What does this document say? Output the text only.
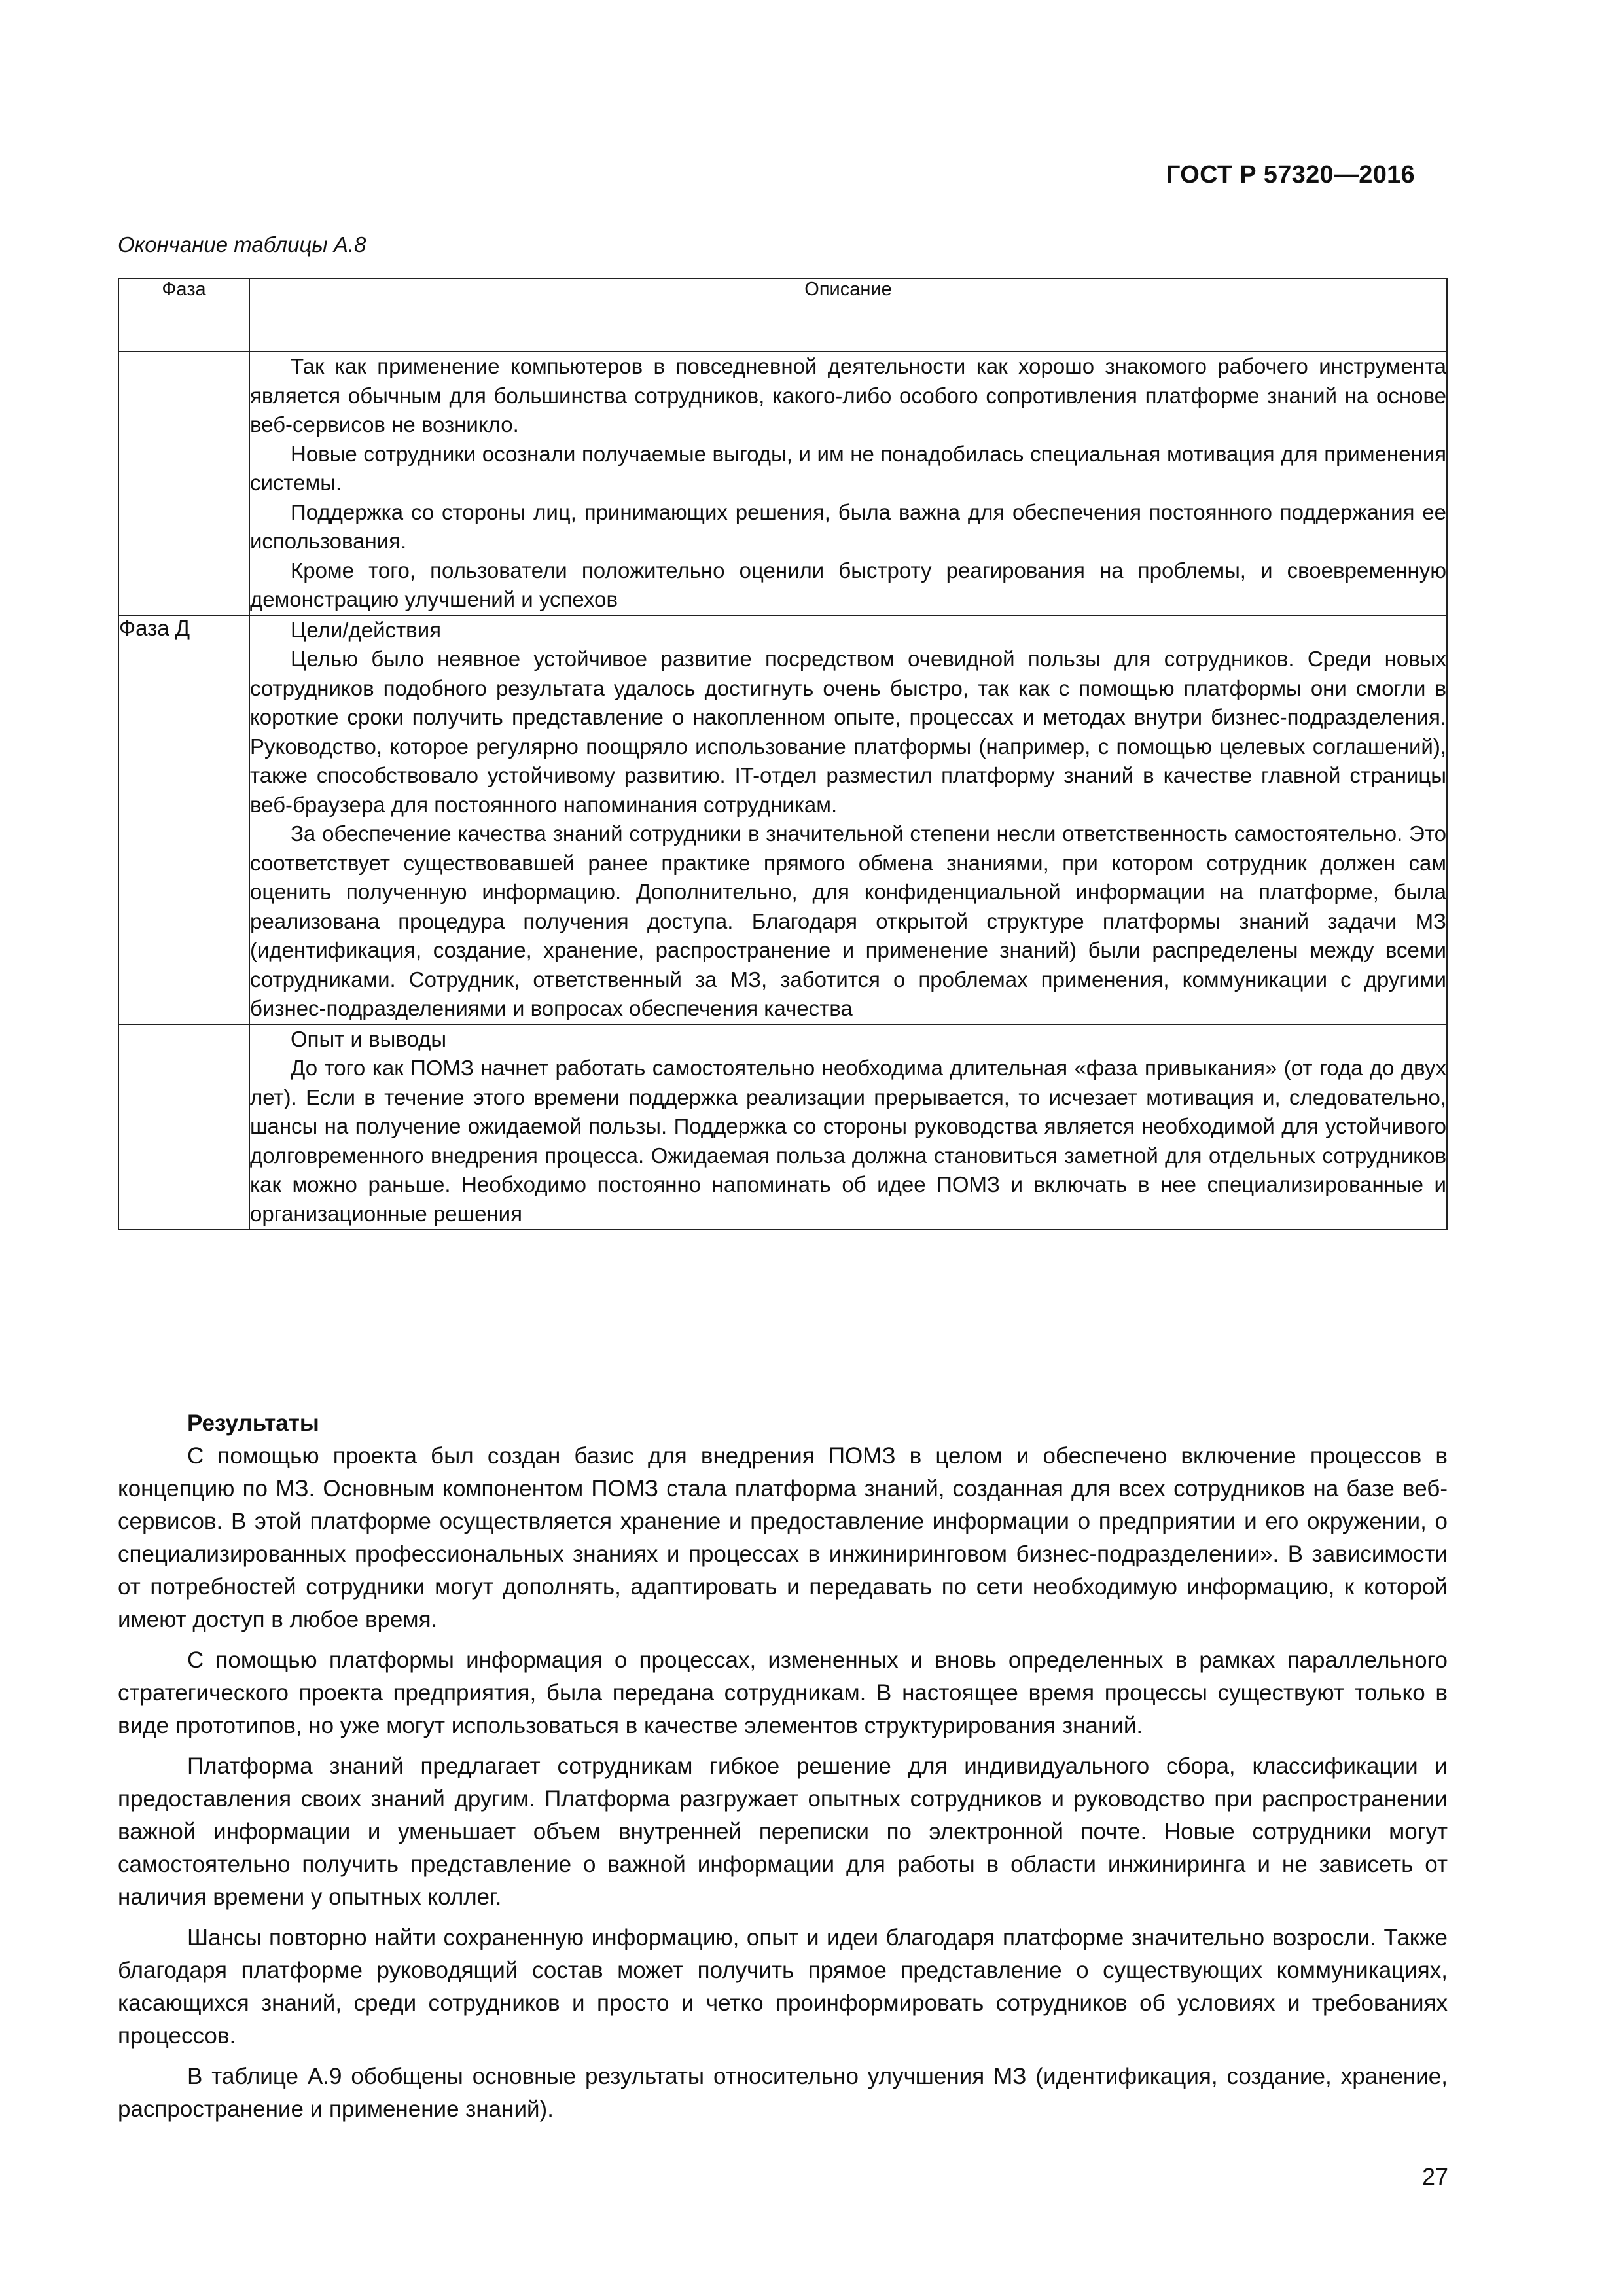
ГОСТ Р 57320—2016
Окончание таблицы А.8
Фаза	Описание

	Так как применение компьютеров в повседневной деятельности как хорошо знакомого рабочего инструмента является обычным для большинства сотрудников, какого-либо особого сопротивления платформе знаний на основе веб-сервисов не возникло.

Новые сотрудники осознали получаемые выгоды, и им не понадобилась специальная мотивация для применения системы.

Поддержка со стороны лиц, принимающих решения, была важна для обеспечения постоянного поддержания ее использования.

Кроме того, пользователи положительно оценили быстроту реагирования на проблемы, и своевременную демонстрацию улучшений и успехов

Фаза Д	Цели/действия

Целью было неявное устойчивое развитие посредством очевидной пользы для сотрудников. Среди новых сотрудников подобного результата удалось достигнуть очень быстро, так как с помощью платформы они смогли в короткие сроки получить представление о накопленном опыте, процессах и методах внутри бизнес-подразделения. Руководство, которое регулярно поощряло использование платформы (например, с помощью целевых соглашений), также способствовало устойчивому развитию. IT-отдел разместил платформу знаний в качестве главной страницы веб-браузера для постоянного напоминания сотрудникам.

За обеспечение качества знаний сотрудники в значительной степени несли ответственность самостоятельно. Это соответствует существовавшей ранее практике прямого обмена знаниями, при котором сотрудник должен сам оценить полученную информацию. Дополнительно, для конфиденциальной информации на платформе, была реализована процедура получения доступа. Благодаря открытой структуре платформы знаний задачи МЗ (идентификация, создание, хранение, распространение и применение знаний) были распределены между всеми сотрудниками. Сотрудник, ответственный за МЗ, заботится о проблемах применения, коммуникации с другими бизнес-подразделениями и вопросах обеспечения качества

	Опыт и выводы

До того как ПОМЗ начнет работать самостоятельно необходима длительная «фаза привыкания» (от года до двух лет). Если в течение этого времени поддержка реализации прерывается, то исчезает мотивация и, следовательно, шансы на получение ожидаемой пользы. Поддержка со стороны руководства является необходимой для устойчивого долговременного внедрения процесса. Ожидаемая польза должна становиться заметной для отдельных сотрудников как можно раньше. Необходимо постоянно напоминать об идее ПОМЗ и включать в нее специализированные и организационные решения

Результаты

С помощью проекта был создан базис для внедрения ПОМЗ в целом и обеспечено включение процессов в концепцию по МЗ. Основным компонентом ПОМЗ стала платформа знаний, созданная для всех сотрудников на базе веб-сервисов. В этой платформе осуществляется хранение и предоставление информации о предприятии и его окружении, о специализированных профессиональных знаниях и процессах в инжиниринговом бизнес-подразделении». В зависимости от потребностей сотрудники могут дополнять, адаптировать и передавать по сети необходимую информацию, к которой имеют доступ в любое время.

С помощью платформы информация о процессах, измененных и вновь определенных в рамках параллельного стратегического проекта предприятия, была передана сотрудникам. В настоящее время процессы существуют только в виде прототипов, но уже могут использоваться в качестве элементов структурирования знаний.

Платформа знаний предлагает сотрудникам гибкое решение для индивидуального сбора, классификации и предоставления своих знаний другим. Платформа разгружает опытных сотрудников и руководство при распространении важной информации и уменьшает объем внутренней переписки по электронной почте. Новые сотрудники могут самостоятельно получить представление о важной информации для работы в области инжиниринга и не зависеть от наличия времени у опытных коллег.

Шансы повторно найти сохраненную информацию, опыт и идеи благодаря платформе значительно возросли. Также благодаря платформе руководящий состав может получить прямое представление о существующих коммуникациях, касающихся знаний, среди сотрудников и просто и четко проинформировать сотрудников об условиях и требованиях процессов.

В таблице А.9 обобщены основные результаты относительно улучшения МЗ (идентификация, создание, хранение, распространение и применение знаний).

27
